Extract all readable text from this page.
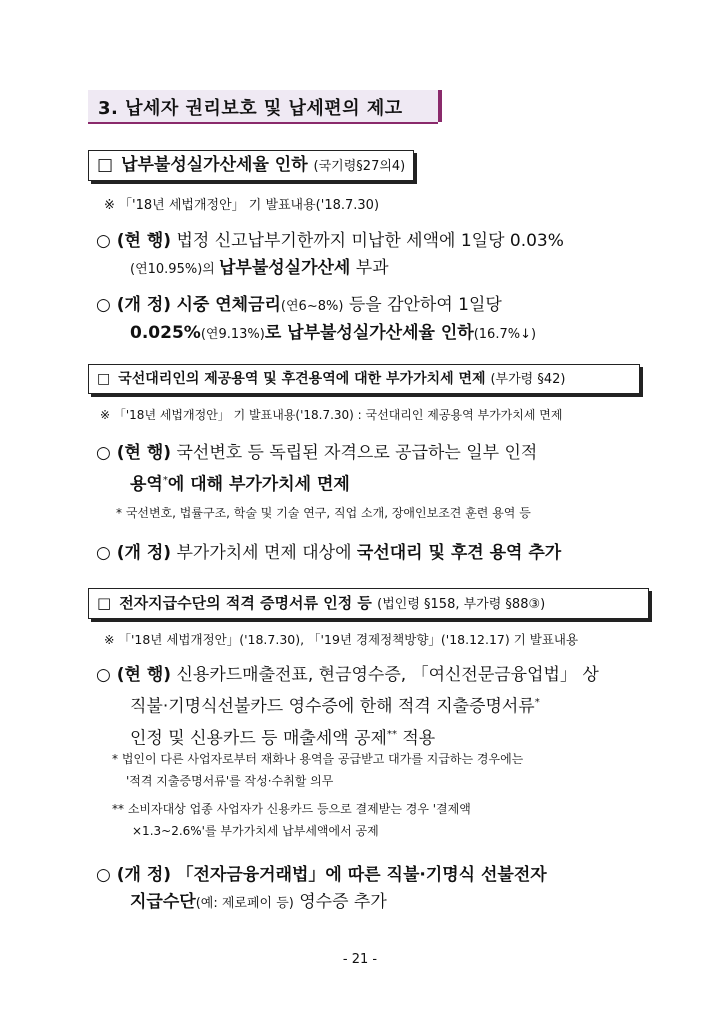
3. 납세자 권리보호 및 납세편의 제고
□ 납부불성실가산세율 인하 (국기령§27의4)
※ 「'18년 세법개정안」 기 발표내용('18.7.30)
○ (현 행) 법정 신고납부기한까지 미납한 세액에 1일당 0.03%
(연10.95%)의 납부불성실가산세 부과
○ (개 정) 시중 연체금리(연6~8%) 등을 감안하여 1일당
0.025%(연9.13%)로 납부불성실가산세율 인하(16.7%↓)
□ 국선대리인의 제공용역 및 후견용역에 대한 부가가치세 면제 (부가령 §42)
※ 「'18년 세법개정안」 기 발표내용('18.7.30) : 국선대리인 제공용역 부가가치세 면제
○ (현 행) 국선변호 등 독립된 자격으로 공급하는 일부 인적
용역*에 대해 부가가치세 면제
* 국선변호, 법률구조, 학술 및 기술 연구, 직업 소개, 장애인보조견 훈련 용역 등
○ (개 정) 부가가치세 면제 대상에 국선대리 및 후견 용역 추가
□ 전자지급수단의 적격 증명서류 인정 등 (법인령 §158, 부가령 §88③)
※ 「'18년 세법개정안」('18.7.30), 「'19년 경제정책방향」('18.12.17) 기 발표내용
○ (현 행) 신용카드매출전표, 현금영수증, 「여신전문금융업법」 상
직불·기명식선불카드 영수증에 한해 적격 지출증명서류*
인정 및 신용카드 등 매출세액 공제** 적용
* 법인이 다른 사업자로부터 재화나 용역을 공급받고 대가를 지급하는 경우에는
'적격 지출증명서류'를 작성·수취할 의무
** 소비자대상 업종 사업자가 신용카드 등으로 결제받는 경우 '결제액
×1.3~2.6%'를 부가가치세 납부세액에서 공제
○ (개 정) 「전자금융거래법」에 따른 직불·기명식 선불전자
지급수단(예: 제로페이 등) 영수증 추가
- 21 -
